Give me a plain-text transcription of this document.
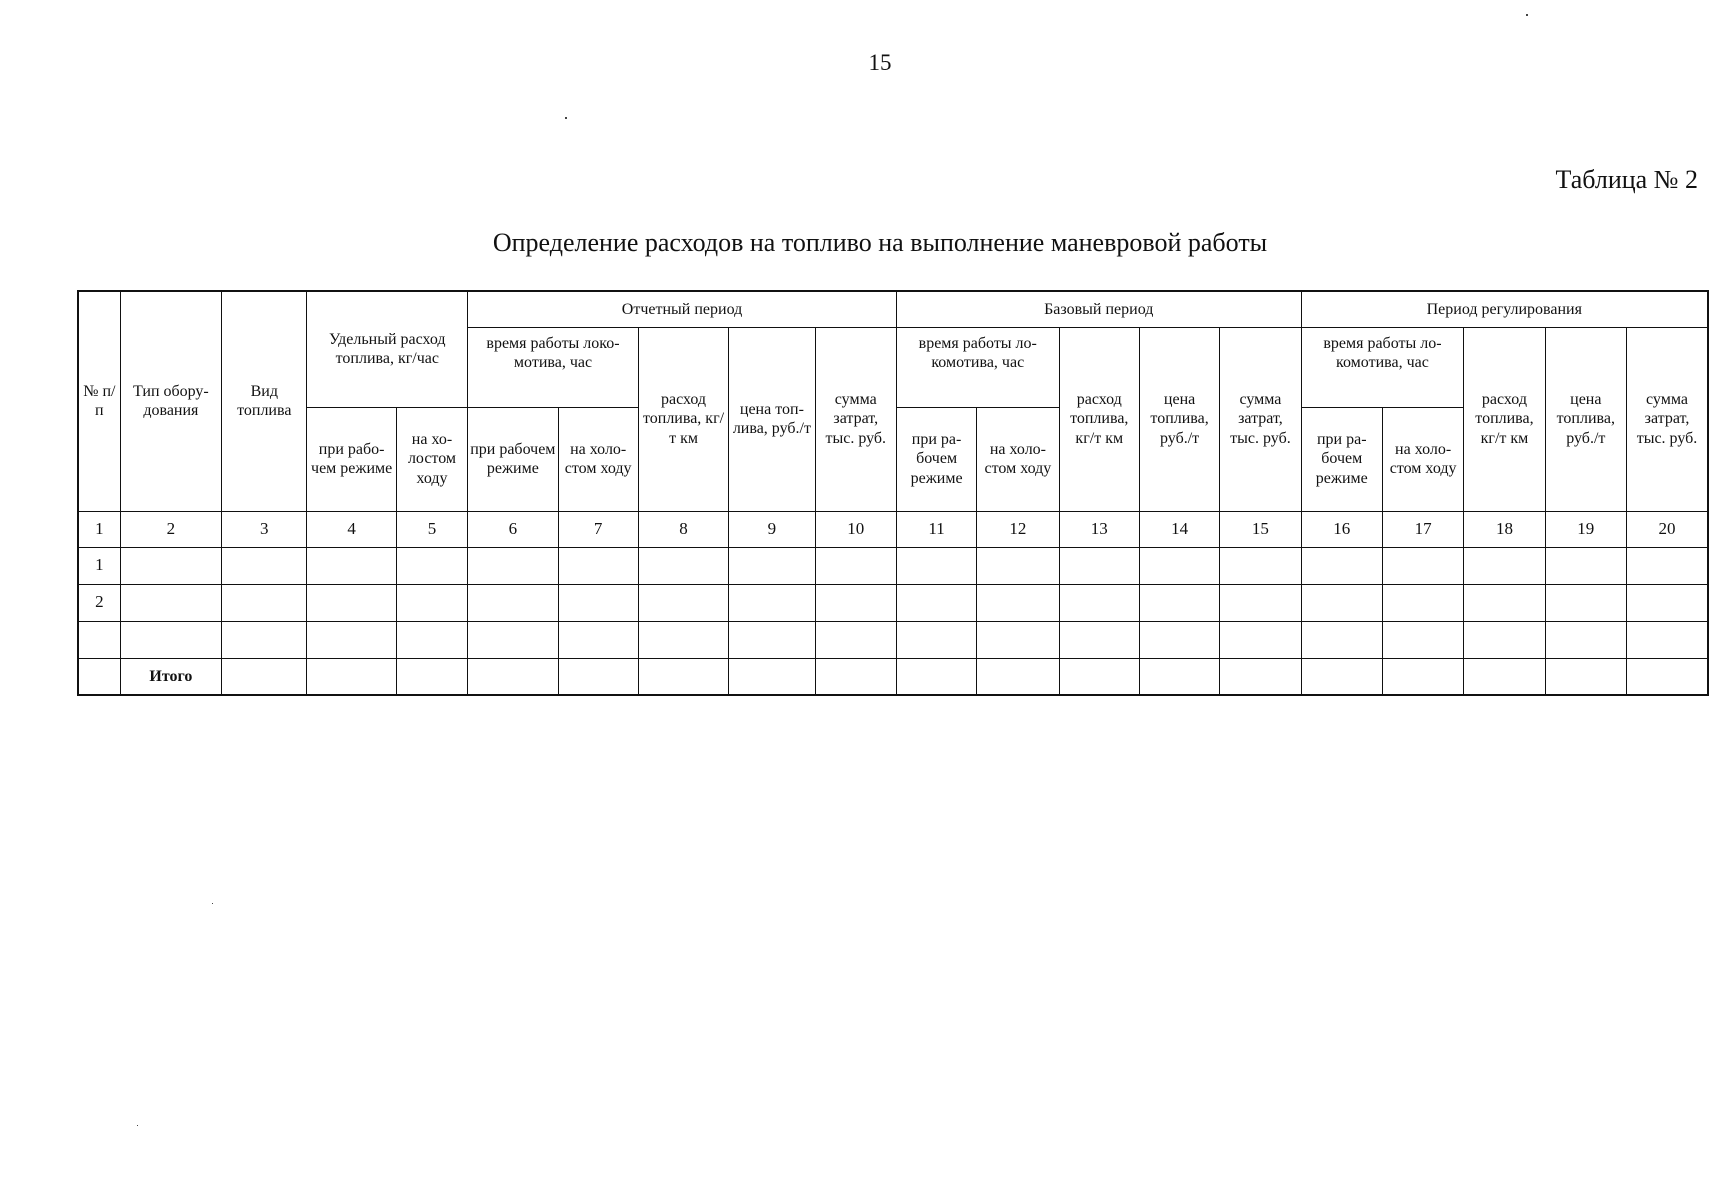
15
Таблица № 2
Определение расходов на топливо на выполнение маневровой работы
№ п/п	Тип обору-дования	Вид топлива	Удельный расход топлива, кг/час		Отчетный период					Базовый период					Период регулирования				
					время работы локо-мотива, час		расход топлива, кг/ т км	цена топ-лива, руб./т	сумма затрат, тыс. руб.	время работы ло-комотива, час		расход топлива, кг/т км	цена топлива, руб./т	сумма затрат, тыс. руб.	время работы ло-комотива, час		расход топлива, кг/т км	цена топлива, руб./т	сумма затрат, тыс. руб.
			при рабо-чем режиме	на хо-лостом ходу	при рабочем режиме	на холо-стом ходу				при ра-бочем режиме	на холо-стом ходу				при ра-бочем режиме	на холо-стом ходу			
1	2	3	4	5	6	7	8	9	10	11	12	13	14	15	16	17	18	19	20
1																			
2																			

	Итого																		
